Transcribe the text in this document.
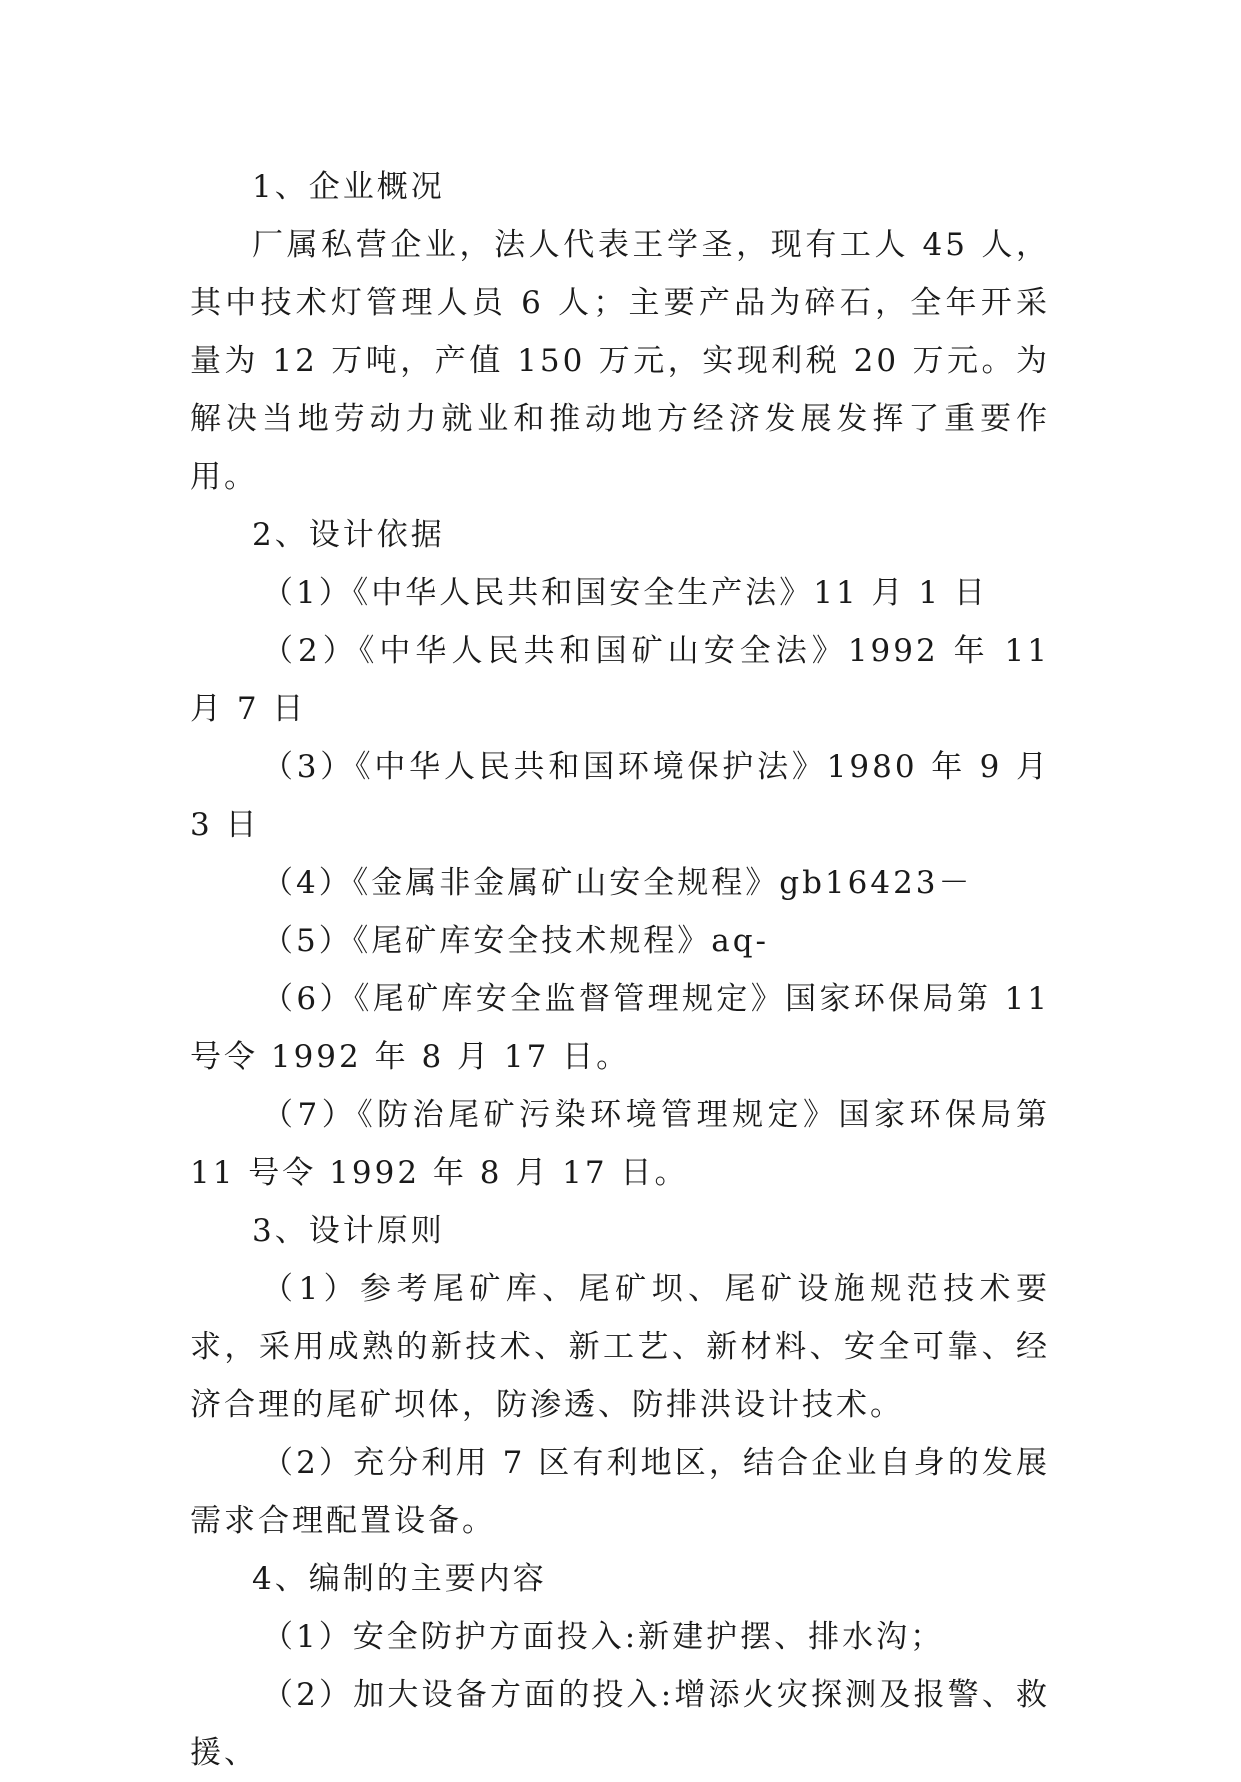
1、企业概况

厂属私营企业，法人代表王学圣，现有工人 45 人，其中技术灯管理人员 6 人；主要产品为碎石，全年开采量为 12 万吨，产值 150 万元，实现利税 20 万元。为解决当地劳动力就业和推动地方经济发展发挥了重要作用。

2、设计依据

（1）《中华人民共和国安全生产法》11 月 1 日

（2）《中华人民共和国矿山安全法》1992 年 11 月 7 日

（3）《中华人民共和国环境保护法》1980 年 9 月 3 日

（4）《金属非金属矿山安全规程》gb16423－

（5）《尾矿库安全技术规程》aq-

（6）《尾矿库安全监督管理规定》国家环保局第 11 号令 1992 年 8 月 17 日。

（7）《防治尾矿污染环境管理规定》国家环保局第 11 号令 1992 年 8 月 17 日。

3、设计原则

（1）参考尾矿库、尾矿坝、尾矿设施规范技术要求，采用成熟的新技术、新工艺、新材料、安全可靠、经济合理的尾矿坝体，防渗透、防排洪设计技术。

（2）充分利用 7 区有利地区，结合企业自身的发展需求合理配置设备。

4、编制的主要内容

（1）安全防护方面投入:新建护摆、排水沟；

（2）加大设备方面的投入:增添火灾探测及报警、救援、
